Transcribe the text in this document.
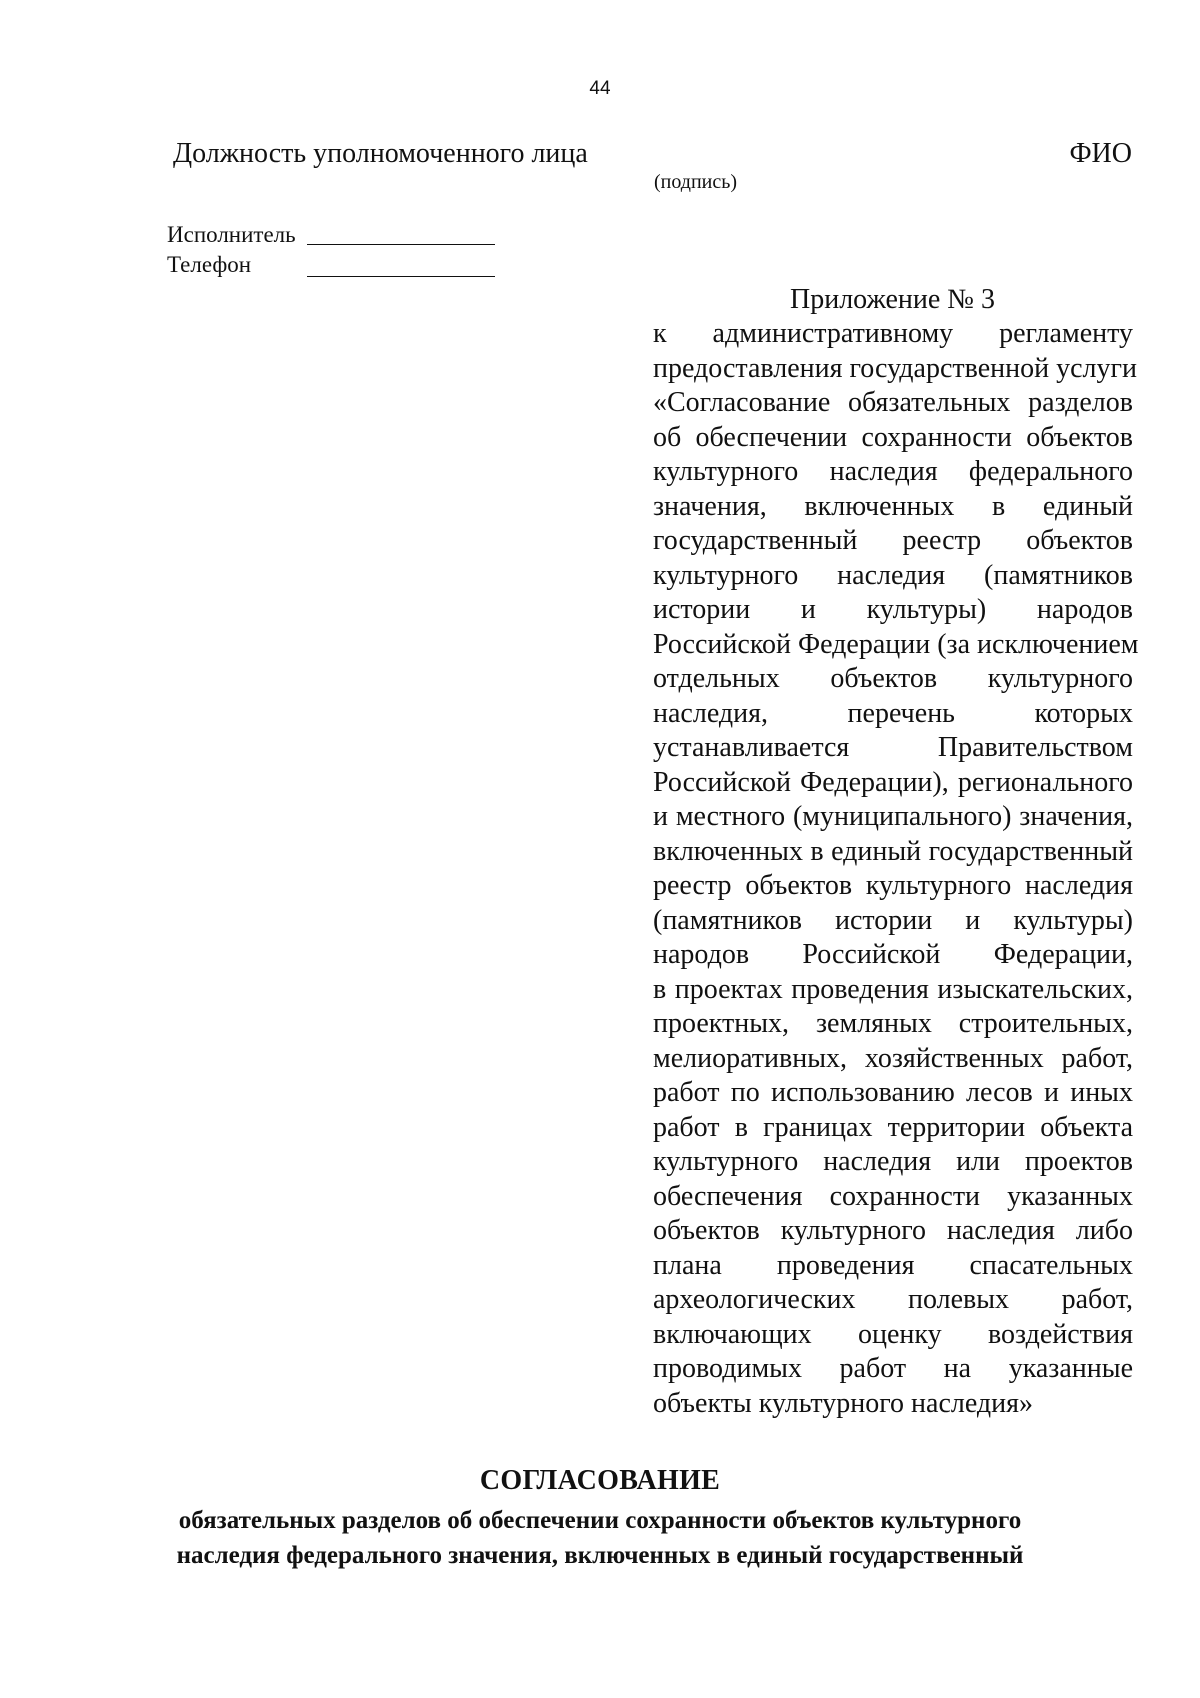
44
Должность уполномоченного лица	ФИО
(подпись)
Исполнитель
Телефон
Приложение № 3
к административному регламенту
предоставления государственной услуги
«Согласование обязательных разделов
об обеспечении сохранности объектов
культурного наследия федерального
значения, включенных в единый
государственный реестр объектов
культурного наследия (памятников
истории и культуры) народов
Российской Федерации (за исключением
отдельных объектов культурного
наследия, перечень которых
устанавливается Правительством
Российской Федерации), регионального
и местного (муниципального) значения,
включенных в единый государственный
реестр объектов культурного наследия
(памятников истории и культуры)
народов Российской Федерации,
в проектах проведения изыскательских,
проектных, земляных строительных,
мелиоративных, хозяйственных работ,
работ по использованию лесов и иных
работ в границах территории объекта
культурного наследия или проектов
обеспечения сохранности указанных
объектов культурного наследия либо
плана проведения спасательных
археологических полевых работ,
включающих оценку воздействия
проводимых работ на указанные
объекты культурного наследия»
СОГЛАСОВАНИЕ
обязательных разделов об обеспечении сохранности объектов культурного
наследия федерального значения, включенных в единый государственный
